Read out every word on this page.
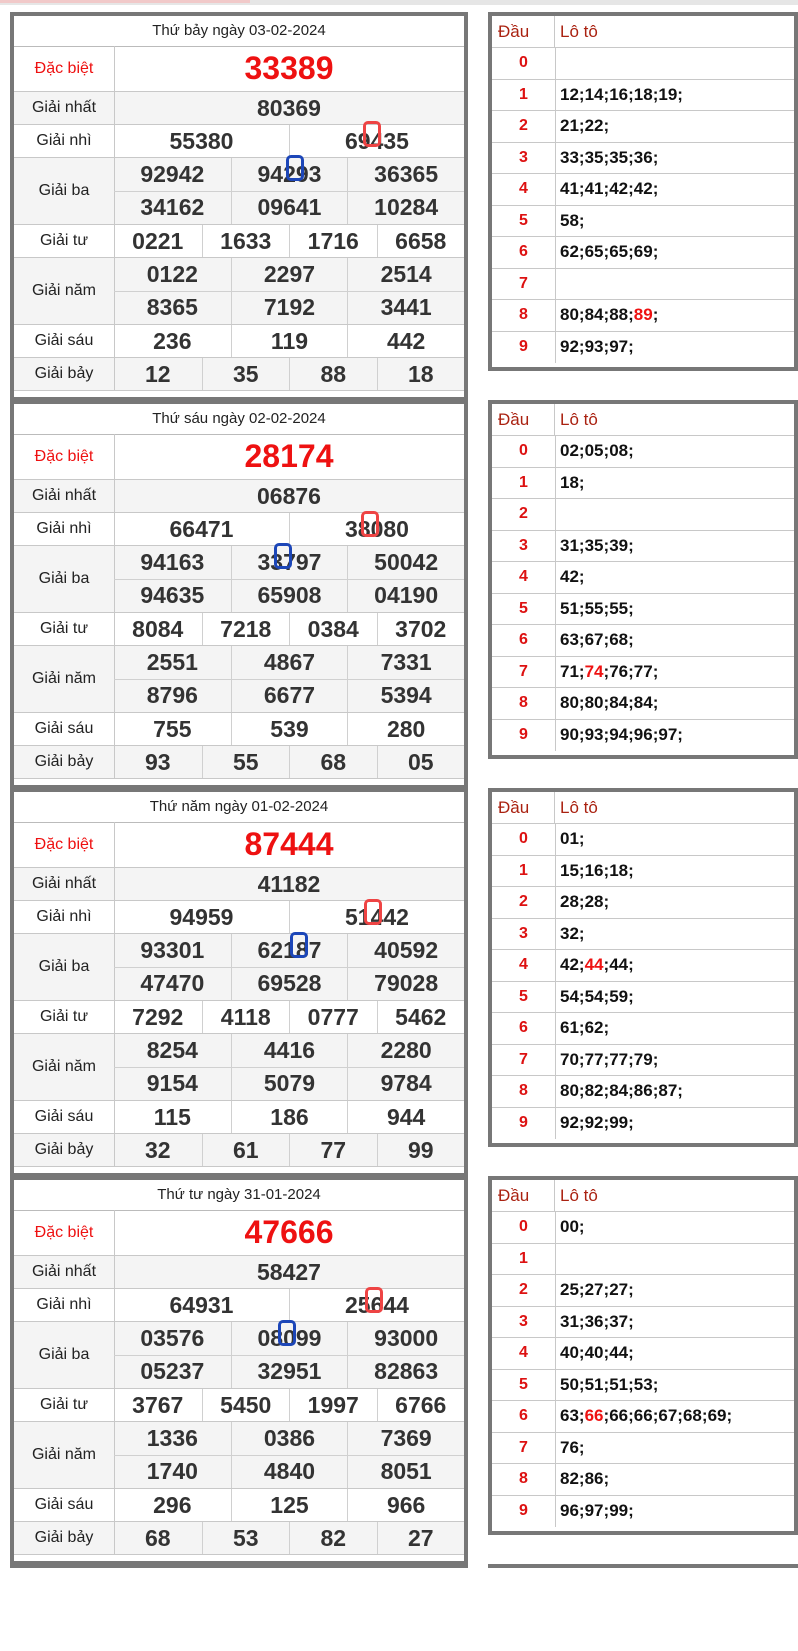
Thứ bảy ngày 03-02-2024
Đặc biệt	33389
Giải nhất	80369
Giải nhì	55380	69435
Giải ba
92942	94293	36365
34162	09641	10284
Giải tư	0221	1633	1716	6658
Giải năm
0122	2297	2514
8365	7192	3441
Giải sáu	236	119	442
Giải bảy	12	35	88	18
Đầu	Lô tô
0
1	12 ; 14 ; 16 ; 18 ; 19 ;
2	21 ; 22 ;
3	33 ; 35 ; 35 ; 36 ;
4	41 ; 41 ; 42 ; 42 ;
5	58 ;
6	62 ; 65 ; 65 ; 69 ;
7
8	80 ; 84 ; 88 ; 89 ;
9	92 ; 93 ; 97 ;
Thứ sáu ngày 02-02-2024
Đặc biệt	28174
Giải nhất	06876
Giải nhì	66471	38080
Giải ba
94163	33797	50042
94635	65908	04190
Giải tư	8084	7218	0384	3702
Giải năm
2551	4867	7331
8796	6677	5394
Giải sáu	755	539	280
Giải bảy	93	55	68	05
Đầu	Lô tô
0	02 ; 05 ; 08 ;
1	18 ;
2
3	31 ; 35 ; 39 ;
4	42 ;
5	51 ; 55 ; 55 ;
6	63 ; 67 ; 68 ;
7	71 ; 74 ; 76 ; 77 ;
8	80 ; 80 ; 84 ; 84 ;
9	90 ; 93 ; 94 ; 96 ; 97 ;
Thứ năm ngày 01-02-2024
Đặc biệt	87444
Giải nhất	41182
Giải nhì	94959	51442
Giải ba
93301	62187	40592
47470	69528	79028
Giải tư	7292	4118	0777	5462
Giải năm
8254	4416	2280
9154	5079	9784
Giải sáu	115	186	944
Giải bảy	32	61	77	99
Đầu	Lô tô
0	01 ;
1	15 ; 16 ; 18 ;
2	28 ; 28 ;
3	32 ;
4	42 ; 44 ; 44 ;
5	54 ; 54 ; 59 ;
6	61 ; 62 ;
7	70 ; 77 ; 77 ; 79 ;
8	80 ; 82 ; 84 ; 86 ; 87 ;
9	92 ; 92 ; 99 ;
Thứ tư ngày 31-01-2024
Đặc biệt	47666
Giải nhất	58427
Giải nhì	64931	25644
Giải ba
03576	08099	93000
05237	32951	82863
Giải tư	3767	5450	1997	6766
Giải năm
1336	0386	7369
1740	4840	8051
Giải sáu	296	125	966
Giải bảy	68	53	82	27
Đầu	Lô tô
0	00 ;
1
2	25 ; 27 ; 27 ;
3	31 ; 36 ; 37 ;
4	40 ; 40 ; 44 ;
5	50 ; 51 ; 51 ; 53 ;
6	63 ; 66 ; 66 ; 66 ; 67 ; 68 ; 69 ;
7	76 ;
8	82 ; 86 ;
9	96 ; 97 ; 99 ;
